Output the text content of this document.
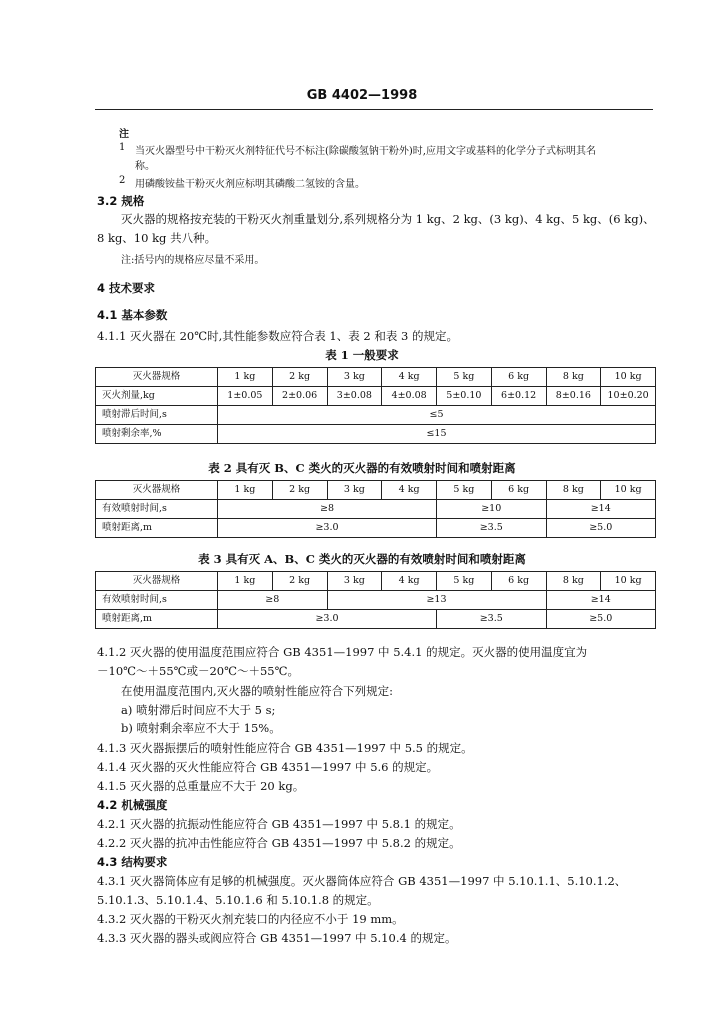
GB 4402—1998
注
1 当灭火器型号中干粉灭火剂特征代号不标注(除碳酸氢钠干粉外)时,应用文字或基料的化学分子式标明其名
称。
2 用磷酸铵盐干粉灭火剂应标明其磷酸二氢铵的含量。
3.2 规格
灭火器的规格按充装的干粉灭火剂重量划分,系列规格分为 1 kg、2 kg、(3 kg)、4 kg、5 kg、(6 kg)、
8 kg、10 kg 共八种。
注:括号内的规格应尽量不采用。
4 技术要求
4.1 基本参数
4.1.1 灭火器在 20℃时,其性能参数应符合表 1、表 2 和表 3 的规定。
表 1 一般要求
灭火器规格	1 kg	2 kg	3 kg	4 kg	5 kg	6 kg	8 kg	10 kg
灭火剂量,kg	1±0.05	2±0.06	3±0.08	4±0.08	5±0.10	6±0.12	8±0.16	10±0.20
喷射滞后时间,s	≤5							
喷射剩余率,%	≤15							
表 2 具有灭 B、C 类火的灭火器的有效喷射时间和喷射距离
灭火器规格	1 kg	2 kg	3 kg	4 kg	5 kg	6 kg	8 kg	10 kg
有效喷射时间,s	≥8				≥10		≥14	
喷射距离,m	≥3.0				≥3.5		≥5.0	
表 3 具有灭 A、B、C 类火的灭火器的有效喷射时间和喷射距离
灭火器规格	1 kg	2 kg	3 kg	4 kg	5 kg	6 kg	8 kg	10 kg
有效喷射时间,s	≥8		≥13				≥14	
喷射距离,m	≥3.0				≥3.5		≥5.0	
4.1.2 灭火器的使用温度范围应符合 GB 4351—1997 中 5.4.1 的规定。灭火器的使用温度宜为
－10℃～＋55℃或－20℃～＋55℃。
在使用温度范围内,灭火器的喷射性能应符合下列规定:
a) 喷射滞后时间应不大于 5 s;
b) 喷射剩余率应不大于 15%。
4.1.3 灭火器振摆后的喷射性能应符合 GB 4351—1997 中 5.5 的规定。
4.1.4 灭火器的灭火性能应符合 GB 4351—1997 中 5.6 的规定。
4.1.5 灭火器的总重量应不大于 20 kg。
4.2 机械强度
4.2.1 灭火器的抗振动性能应符合 GB 4351—1997 中 5.8.1 的规定。
4.2.2 灭火器的抗冲击性能应符合 GB 4351—1997 中 5.8.2 的规定。
4.3 结构要求
4.3.1 灭火器筒体应有足够的机械强度。灭火器筒体应符合 GB 4351—1997 中 5.10.1.1、5.10.1.2、
5.10.1.3、5.10.1.4、5.10.1.6 和 5.10.1.8 的规定。
4.3.2 灭火器的干粉灭火剂充装口的内径应不小于 19 mm。
4.3.3 灭火器的器头或阀应符合 GB 4351—1997 中 5.10.4 的规定。
